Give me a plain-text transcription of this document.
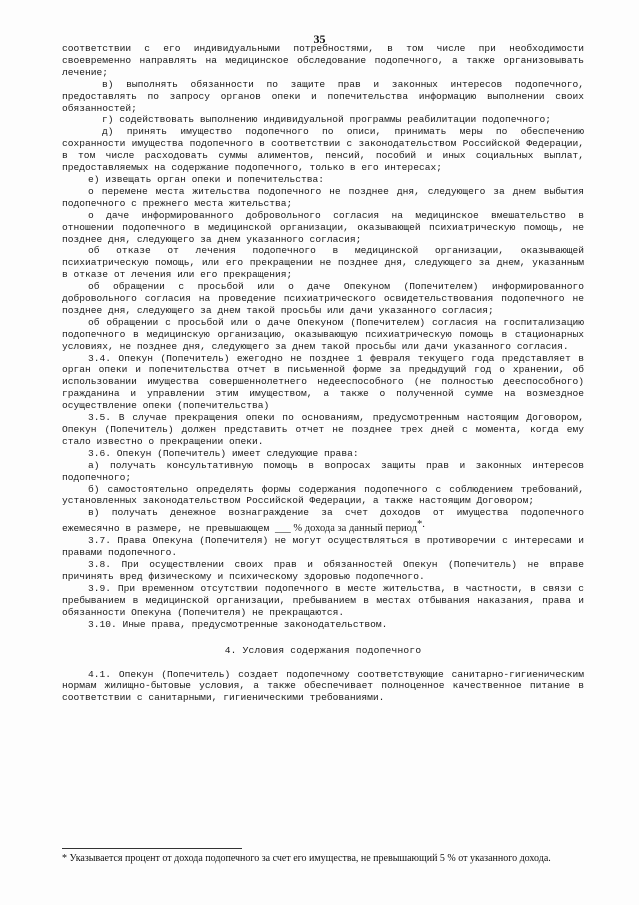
35

соответствии с его индивидуальными потребностями, в том числе при необходимости своевременно направлять на медицинское обследование подопечного, а также организовывать лечение;

в) выполнять обязанности по защите прав и законных интересов подопечного, предоставлять по запросу органов опеки и попечительства информацию выполнении своих обязанностей;

г) содействовать выполнению индивидуальной программы реабилитации подопечного;

д) принять имущество подопечного по описи, принимать меры по обеспечению сохранности имущества подопечного в соответствии с законодательством Российской Федерации, в том числе расходовать суммы алиментов, пенсий, пособий и иных социальных выплат, предоставляемых на содержание подопечного, только в его интересах;

е) извещать орган опеки и попечительства:

о перемене места жительства подопечного не позднее дня, следующего за днем выбытия подопечного с прежнего места жительства;

о даче информированного добровольного согласия на медицинское вмешательство в отношении подопечного в медицинской организации, оказывающей психиатрическую помощь, не позднее дня, следующего за днем указанного согласия;

об отказе от лечения подопечного в медицинской организации, оказывающей психиатрическую помощь, или его прекращении не позднее дня, следующего за днем, указанным в отказе от лечения или его прекращения;

об обращении с просьбой или о даче Опекуном (Попечителем) информированного добровольного согласия на проведение психиатрического освидетельствования подопечного не позднее дня, следующего за днем такой просьбы или дачи указанного согласия;

об обращении с просьбой или о даче Опекуном (Попечителем) согласия на госпитализацию подопечного в медицинскую организацию, оказывающую психиатрическую помощь в стационарных условиях, не позднее дня, следующего за днем такой просьбы или дачи указанного согласия.

3.4. Опекун (Попечитель) ежегодно не позднее 1 февраля текущего года представляет в орган опеки и попечительства отчет в письменной форме за предыдущий год о хранении, об использовании имущества совершеннолетнего недееспособного (не полностью дееспособного) гражданина и управлении этим имуществом, а также о полученной сумме на возмездное осуществление опеки (попечительства)

3.5. В случае прекращения опеки по основаниям, предусмотренным настоящим Договором, Опекун (Попечитель) должен представить отчет не позднее трех дней с момента, когда ему стало известно о прекращении опеки.

3.6. Опекун (Попечитель) имеет следующие права:

а) получать консультативную помощь в вопросах защиты прав и законных интересов подопечного;

б) самостоятельно определять формы содержания подопечного с соблюдением требований, установленных законодательством Российской Федерации, а также настоящим Договором;

в) получать денежное вознаграждение за счет доходов от имущества подопечного ежемесячно в размере, не превышающем ___ % дохода за данный период*.

3.7. Права Опекуна (Попечителя) не могут осуществляться в противоречии с интересами и правами подопечного.

3.8. При осуществлении своих прав и обязанностей Опекун (Попечитель) не вправе причинять вред физическому и психическому здоровью подопечного.

3.9. При временном отсутствии подопечного в месте жительства, в частности, в связи с пребыванием в медицинской организации, пребыванием в местах отбывания наказания, права и обязанности Опекуна (Попечителя) не прекращаются.

3.10. Иные права, предусмотренные законодательством.

4. Условия содержания подопечного

4.1. Опекун (Попечитель) создает подопечному соответствующие санитарно-гигиеническим нормам жилищно-бытовые условия, а также обеспечивает полноценное качественное питание в соответствии с санитарными, гигиеническими требованиями.

* Указывается процент от дохода подопечного за счет его имущества, не превышающий 5 % от указанного дохода.
